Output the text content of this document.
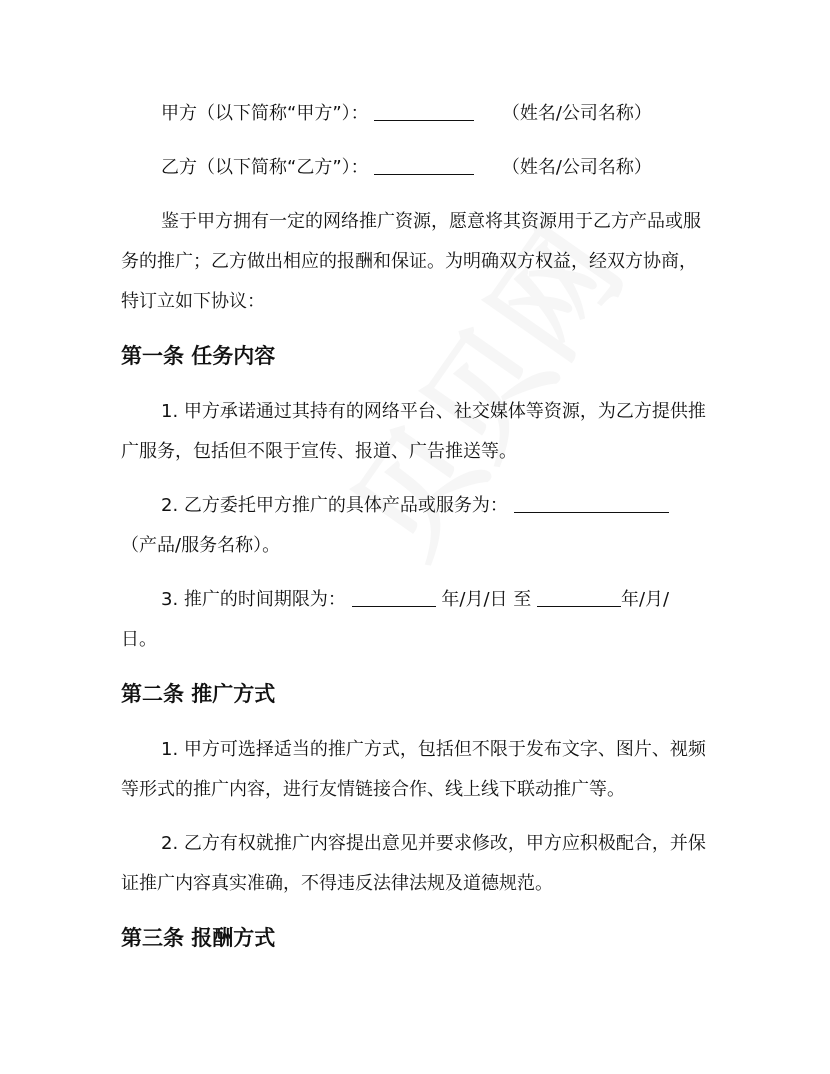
甲方（以下简称“甲方”）：	（姓名/公司名称）
乙方（以下简称“乙方”）：	（姓名/公司名称）
鉴于甲方拥有一定的网络推广资源，愿意将其资源用于乙方产品或服务的推广；乙方做出相应的报酬和保证。为明确双方权益，经双方协商，特订立如下协议：
第一条 任务内容
1. 甲方承诺通过其持有的网络平台、社交媒体等资源，为乙方提供推广服务，包括但不限于宣传、报道、广告推送等。
2. 乙方委托甲方推广的具体产品或服务为：
（产品/服务名称）。
3. 推广的时间期限为：	年/月/日 至	年/月/
日。
第二条 推广方式
1. 甲方可选择适当的推广方式，包括但不限于发布文字、图片、视频等形式的推广内容，进行友情链接合作、线上线下联动推广等。
2. 乙方有权就推广内容提出意见并要求修改，甲方应积极配合，并保证推广内容真实准确，不得违反法律法规及道德规范。
第三条 报酬方式
